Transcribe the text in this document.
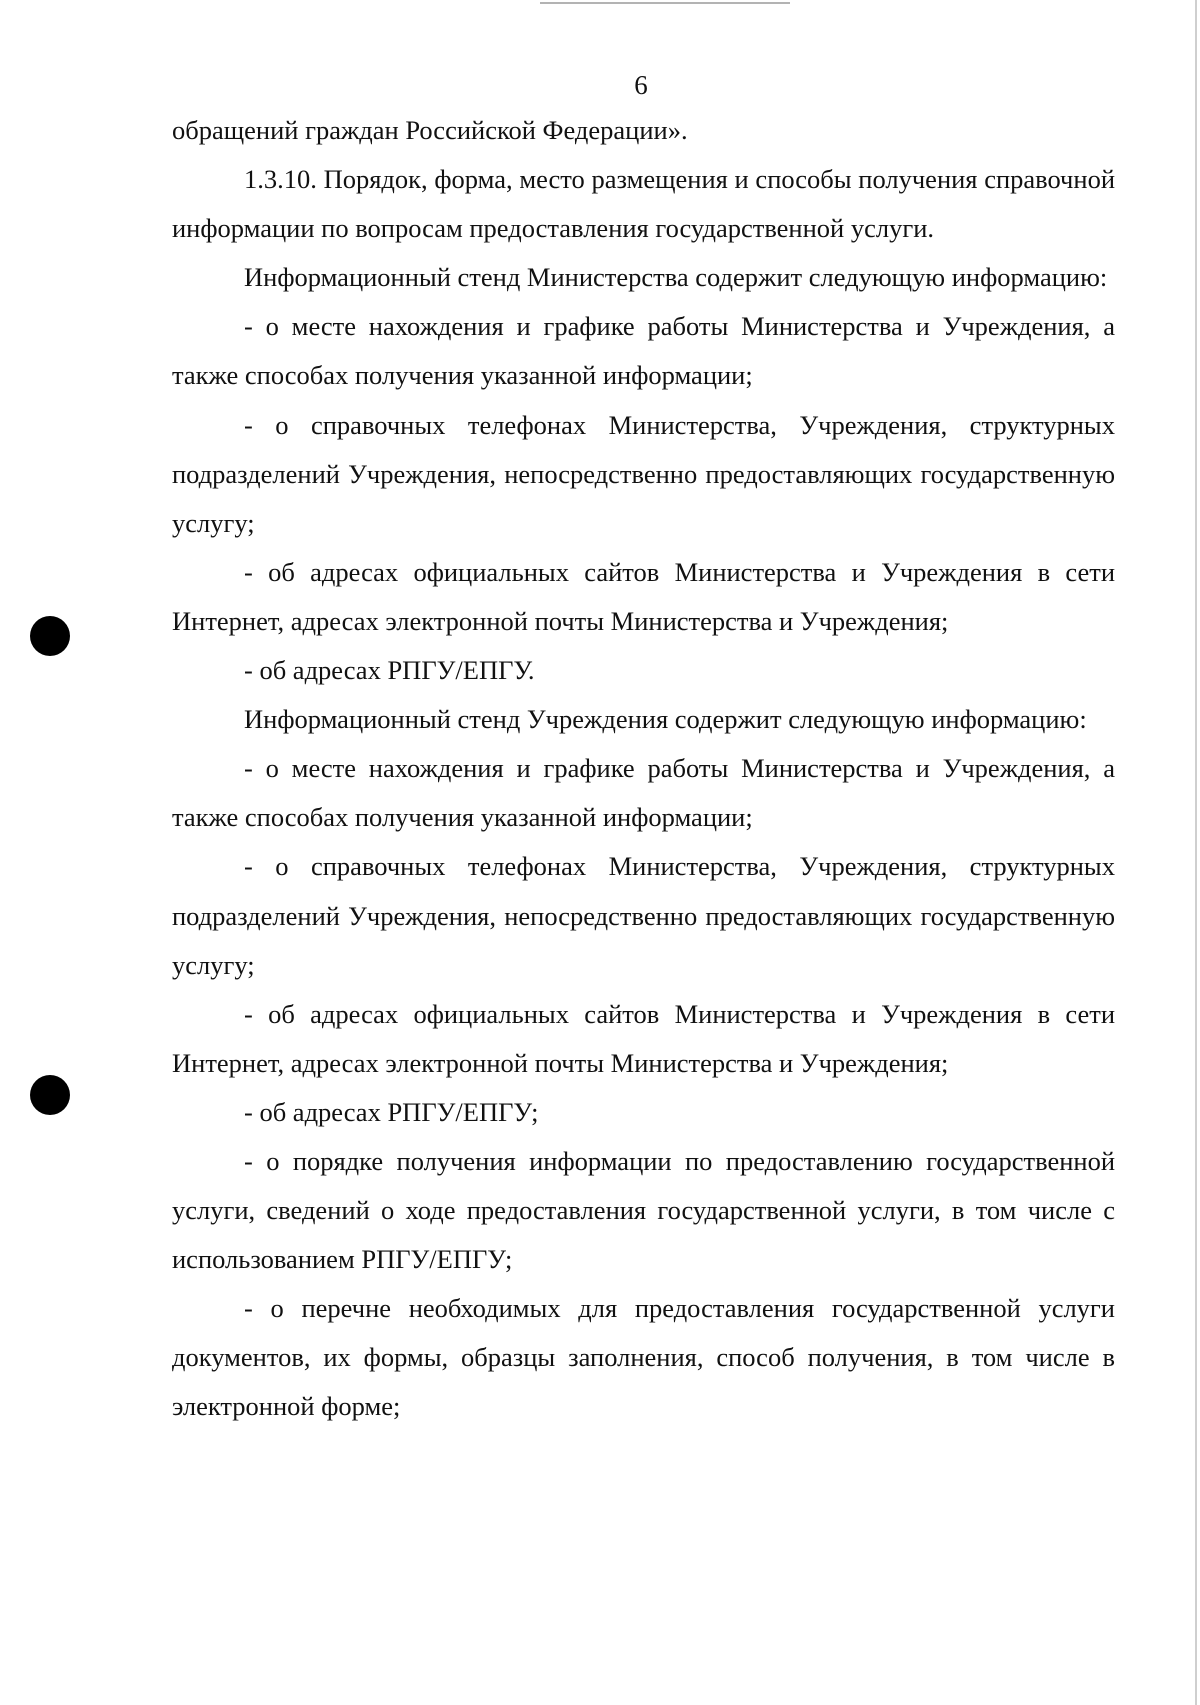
6

обращений граждан Российской Федерации».

1.3.10. Порядок, форма, место размещения и способы получения справочной информации по вопросам предоставления государственной услуги.

Информационный стенд Министерства содержит следующую информацию:

- о месте нахождения и графике работы Министерства и Учреждения, а также способах получения указанной информации;

- о справочных телефонах Министерства, Учреждения, структурных подразделений Учреждения, непосредственно предоставляющих государственную услугу;

- об адресах официальных сайтов Министерства и Учреждения в сети Интернет, адресах электронной почты Министерства и Учреждения;

- об адресах РПГУ/ЕПГУ.

Информационный стенд Учреждения содержит следующую информацию:

- о месте нахождения и графике работы Министерства и Учреждения, а также способах получения указанной информации;

- о справочных телефонах Министерства, Учреждения, структурных подразделений Учреждения, непосредственно предоставляющих государственную услугу;

- об адресах официальных сайтов Министерства и Учреждения в сети Интернет, адресах электронной почты Министерства и Учреждения;

- об адресах РПГУ/ЕПГУ;

- о порядке получения информации по предоставлению государственной услуги, сведений о ходе предоставления государственной услуги, в том числе с использованием РПГУ/ЕПГУ;

- о перечне необходимых для предоставления государственной услуги документов, их формы, образцы заполнения, способ получения, в том числе в электронной форме;
